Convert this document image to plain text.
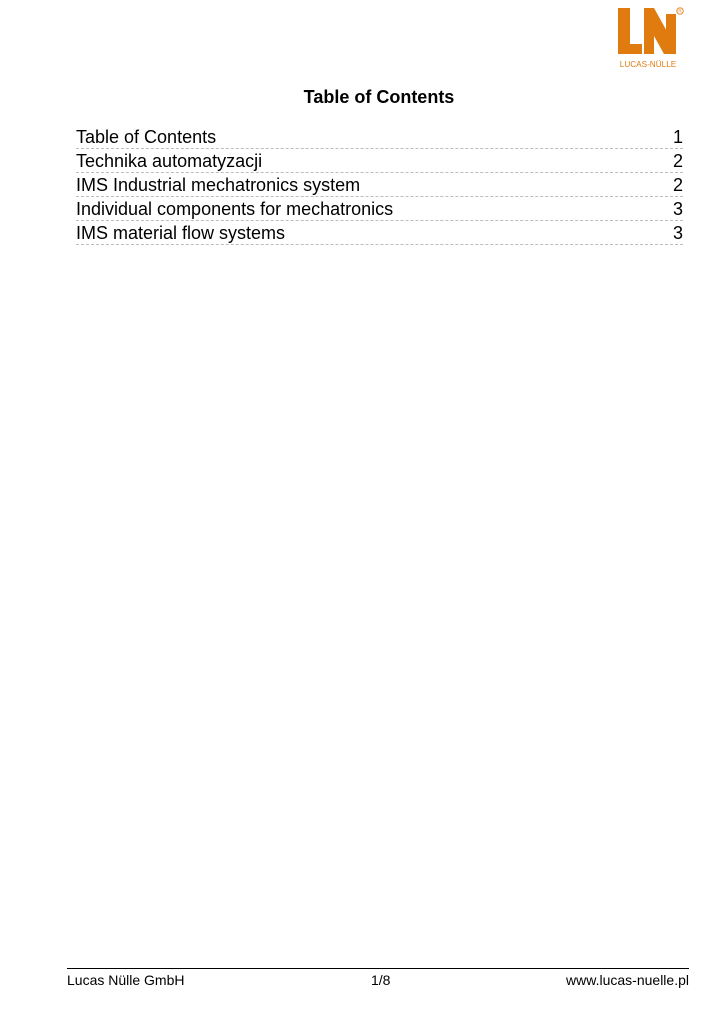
R
LUCAS-NÜLLE
Table of Contents
Table of Contents	1
Technika automatyzacji	2
IMS Industrial mechatronics system	2
Individual components for mechatronics	3
IMS material flow systems	3
Lucas Nülle GmbH	1/8	www.lucas-nuelle.pl
